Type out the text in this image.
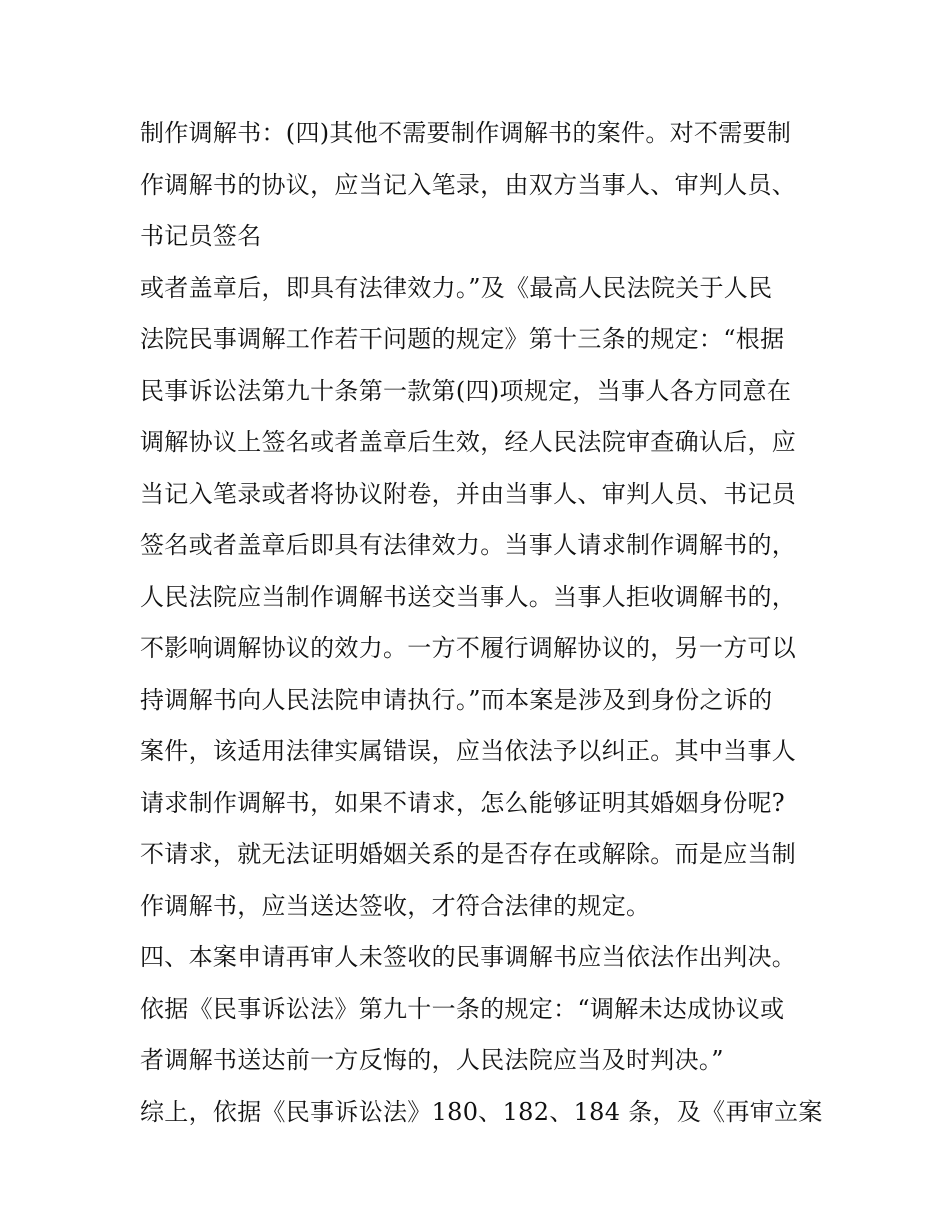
制作调解书：(四)其他不需要制作调解书的案件。对不需要制
作调解书的协议，应当记入笔录，由双方当事人、审判人员、
书记员签名
或者盖章后，即具有法律效力。”及《最高人民法院关于人民
法院民事调解工作若干问题的规定》第十三条的规定：“根据
民事诉讼法第九十条第一款第(四)项规定，当事人各方同意在
调解协议上签名或者盖章后生效，经人民法院审查确认后，应
当记入笔录或者将协议附卷，并由当事人、审判人员、书记员
签名或者盖章后即具有法律效力。当事人请求制作调解书的，
人民法院应当制作调解书送交当事人。当事人拒收调解书的，
不影响调解协议的效力。一方不履行调解协议的，另一方可以
持调解书向人民法院申请执行。”而本案是涉及到身份之诉的
案件，该适用法律实属错误，应当依法予以纠正。其中当事人
请求制作调解书，如果不请求，怎么能够证明其婚姻身份呢?
不请求，就无法证明婚姻关系的是否存在或解除。而是应当制
作调解书，应当送达签收，才符合法律的规定。
四、本案申请再审人未签收的民事调解书应当依法作出判决。
依据《民事诉讼法》第九十一条的规定：“调解未达成协议或
者调解书送达前一方反悔的，人民法院应当及时判决。”
综上，依据《民事诉讼法》180、182、184 条，及《再审立案
